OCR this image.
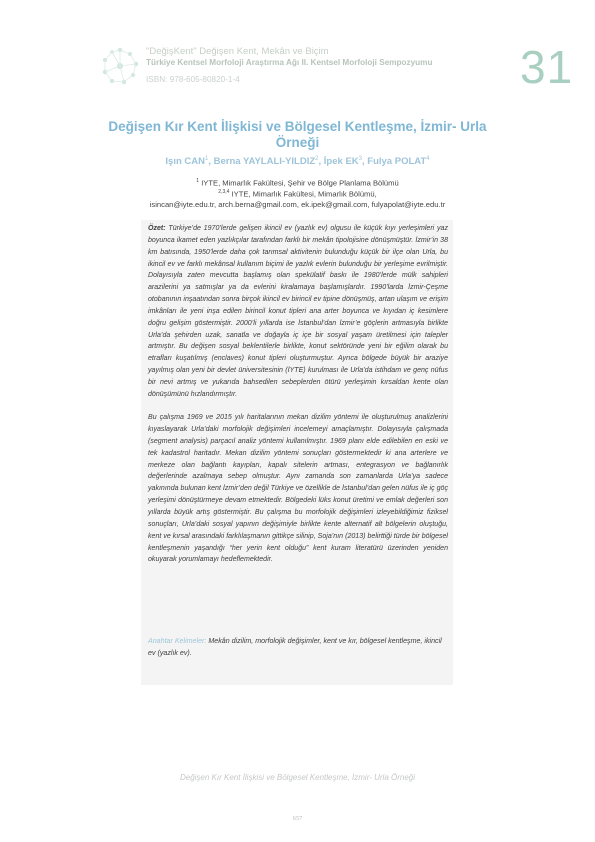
"DeğişKent" Değişen Kent, Mekân ve Biçim
Türkiye Kentsel Morfoloji Araştırma Ağı II. Kentsel Morfoloji Sempozyumu
ISBN: 978-605-80820-1-4	31
Değişen Kır Kent İlişkisi ve Bölgesel Kentleşme, İzmir- Urla Örneği
Işın CAN$^1$, Berna YAYLALI-YILDIZ$^2$, İpek $EK^3$, Fulya POLAT$^4$
$^1$ IYTE, Mimarlık Fakültesi, Şehir ve Bölge Planlama Bölümü
$^{2,3,4}$ IYTE, Mimarlık Fakültesi, Mimarlık Bölümü,
isincan@iyte.edu.tr, arch.berna@gmail.com, ek.ipek@gmail.com, fulyapolat@iyte.edu.tr

Özet: Türkiye’de 1970’lerde gelişen ikincil ev (yazlık ev) olgusu ile küçük kıyı yerleşimleri yaz boyunca ikamet eden yazlıkçılar tarafından farklı bir mekân tipolojisine dönüşmüştür. İzmir’in 38 km batısında, 1950’lerde daha çok tarımsal aktivitenin bulunduğu küçük bir ilçe olan Urla, bu ikincil ev ve farklı mekânsal kullanım biçimi ile yazlık evlerin bulunduğu bir yerleşime evrilmiştir. Dolayısıyla zaten mevcutta başlamış olan spekülatif baskı ile 1980’lerde mülk sahipleri arazilerini ya satmışlar ya da evlerini kiralamaya başlamışlardır. 1990’larda İzmir-Çeşme otobanının inşaatından sonra birçok ikincil ev birincil ev tipine dönüşmüş, artan ulaşım ve erişim imkânları ile yeni inşa edilen birincil konut tipleri ana arter boyunca ve kıyıdan iç kesimlere doğru gelişim göstermiştir. 2000’li yıllarda ise İstanbul’dan İzmir’e göçlerin artmasıyla birlikte Urla’da şehirden uzak, sanatla ve doğayla iç içe bir sosyal yaşam üretilmesi için talepler artmıştır. Bu değişen sosyal beklentilerle birlikte, konut sektöründe yeni bir eğilim olarak bu etrafları kuşatılmış (enclaves) konut tipleri oluşturmuştur. Ayrıca bölgede büyük bir araziye yayılmış olan yeni bir devlet üniversitesinin (İYTE) kurulması ile Urla’da istihdam ve genç nüfus bir nevi artmış ve yukarıda bahsedilen sebeplerden ötürü yerleşimin kırsaldan kente olan dönüşümünü hızlandırmıştır.

Bu çalışma 1969 ve 2015 yılı haritalarının mekan dizilim yöntemi ile oluşturulmuş analizlerini kıyaslayarak Urla’daki morfolojik değişimleri incelemeyi amaçlamıştır. Dolayısıyla çalışmada (segment analysis) parçacıl analiz yöntemi kullanılmıştır. 1969 planı elde edilebilen en eski ve tek kadastrol haritadır. Mekan dizilim yöntemi sonuçları göstermektedir ki ana arterlere ve merkeze olan bağlantı kayıpları, kapalı sitelerin artması, entegrasyon ve bağlanırlık değerlerinde azalmaya sebep olmuştur. Aynı zamanda son zamanlarda Urla’ya sadece yakınında bulunan kent İzmir’den değil Türkiye ve özellikle de İstanbul’dan gelen nüfus ile iç göç yerleşimi dönüştürmeye devam etmektedir. Bölgedeki lüks konut üretimi ve emlak değerleri son yıllarda büyük artış göstermiştir. Bu çalışma bu morfolojik değişimleri izleyebildiğimiz fiziksel sonuçları, Urla’daki sosyal yapının değişimiyle birlikte kente alternatif alt bölgelerin oluştuğu, kent ve kırsal arasındaki farklılaşmanın gittikçe silinip, Soja’nın (2013) belirttiği türde bir bölgesel kentleşmenin yaşandığı “her yerin kent olduğu” kent kuram literatürü üzerinden yeniden okuyarak yorumlamayı hedeflemektedir.

Anahtar Kelimeler: Mekân dizilim, morfolojik değişimler, kent ve kır, bölgesel kentleşme, ikincil ev (yazlık ev).
Değişen Kır Kent İlişkisi ve Bölgesel Kentleşme, İzmir- Urla Örneği
657
